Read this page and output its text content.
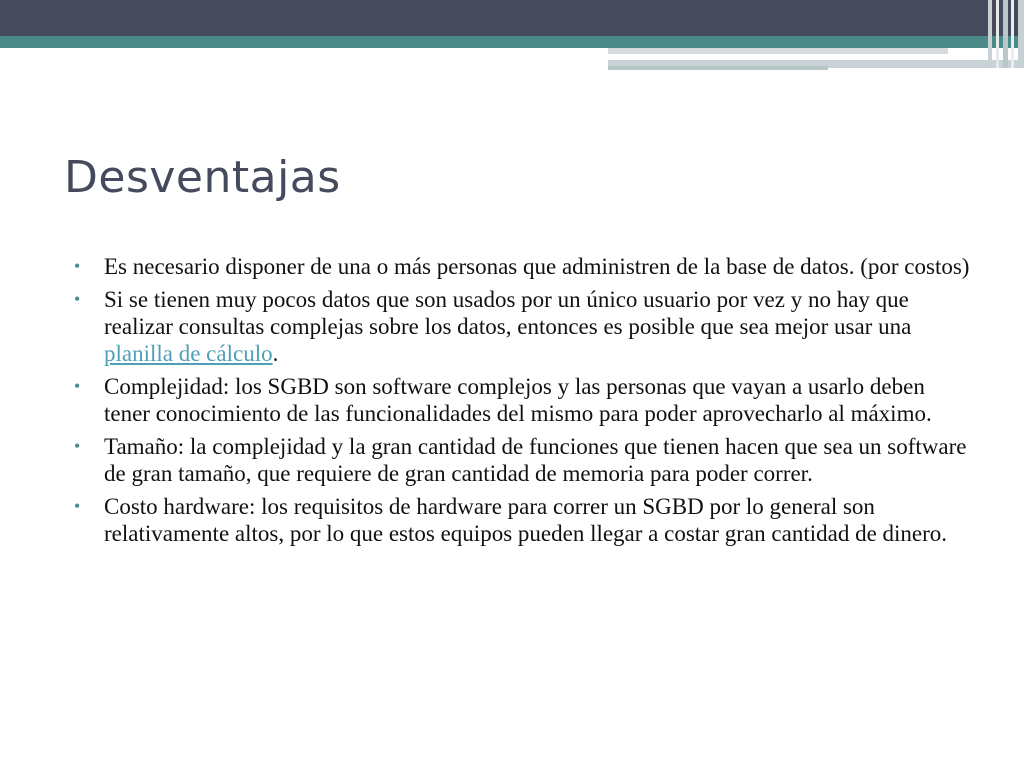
Desventajas
• Es necesario disponer de una o más personas que administren de la base de datos. (por costos)
• Si se tienen muy pocos datos que son usados por un único usuario por vez y no hay que realizar consultas complejas sobre los datos, entonces es posible que sea mejor usar una planilla de cálculo.
• Complejidad: los SGBD son software complejos y las personas que vayan a usarlo deben tener conocimiento de las funcionalidades del mismo para poder aprovecharlo al máximo.
• Tamaño: la complejidad y la gran cantidad de funciones que tienen hacen que sea un software de gran tamaño, que requiere de gran cantidad de memoria para poder correr.
• Costo hardware: los requisitos de hardware para correr un SGBD por lo general son relativamente altos, por lo que estos equipos pueden llegar a costar gran cantidad de dinero.
